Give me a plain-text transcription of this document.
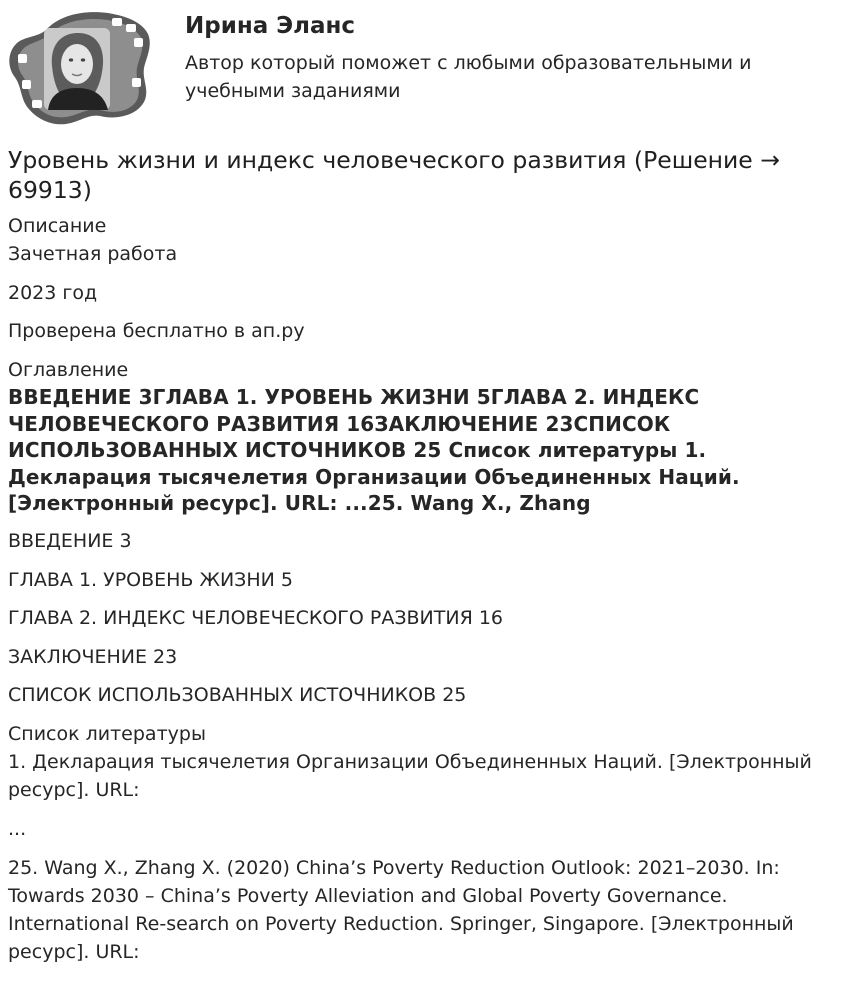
Ирина Эланс
Автор который поможет с любыми образовательными и учебными заданиями
Уровень жизни и индекс человеческого развития (Решение → 69913)
Описание
Зачетная работа
2023 год
Проверена бесплатно в ап.ру
Оглавление
ВВЕДЕНИЕ 3ГЛАВА 1. УРОВЕНЬ ЖИЗНИ 5ГЛАВА 2. ИНДЕКС ЧЕЛОВЕЧЕСКОГО РАЗВИТИЯ 16ЗАКЛЮЧЕНИЕ 23СПИСОК ИСПОЛЬЗОВАННЫХ ИСТОЧНИКОВ 25 Список литературы 1. Декларация тысячелетия Организации Объединенных Наций. [Электронный ресурс]. URL: ...25. Wang X., Zhang
ВВЕДЕНИЕ 3
ГЛАВА 1. УРОВЕНЬ ЖИЗНИ 5
ГЛАВА 2. ИНДЕКС ЧЕЛОВЕЧЕСКОГО РАЗВИТИЯ 16
ЗАКЛЮЧЕНИЕ 23
СПИСОК ИСПОЛЬЗОВАННЫХ ИСТОЧНИКОВ 25
Список литературы
1. Декларация тысячелетия Организации Объединенных Наций. [Электронный ресурс]. URL:
...
25. Wang X., Zhang X. (2020) China’s Poverty Reduction Outlook: 2021–2030. In: Towards 2030 – China’s Poverty Alleviation and Global Poverty Governance. International Re-search on Poverty Reduction. Springer, Singapore. [Электронный ресурс]. URL:
